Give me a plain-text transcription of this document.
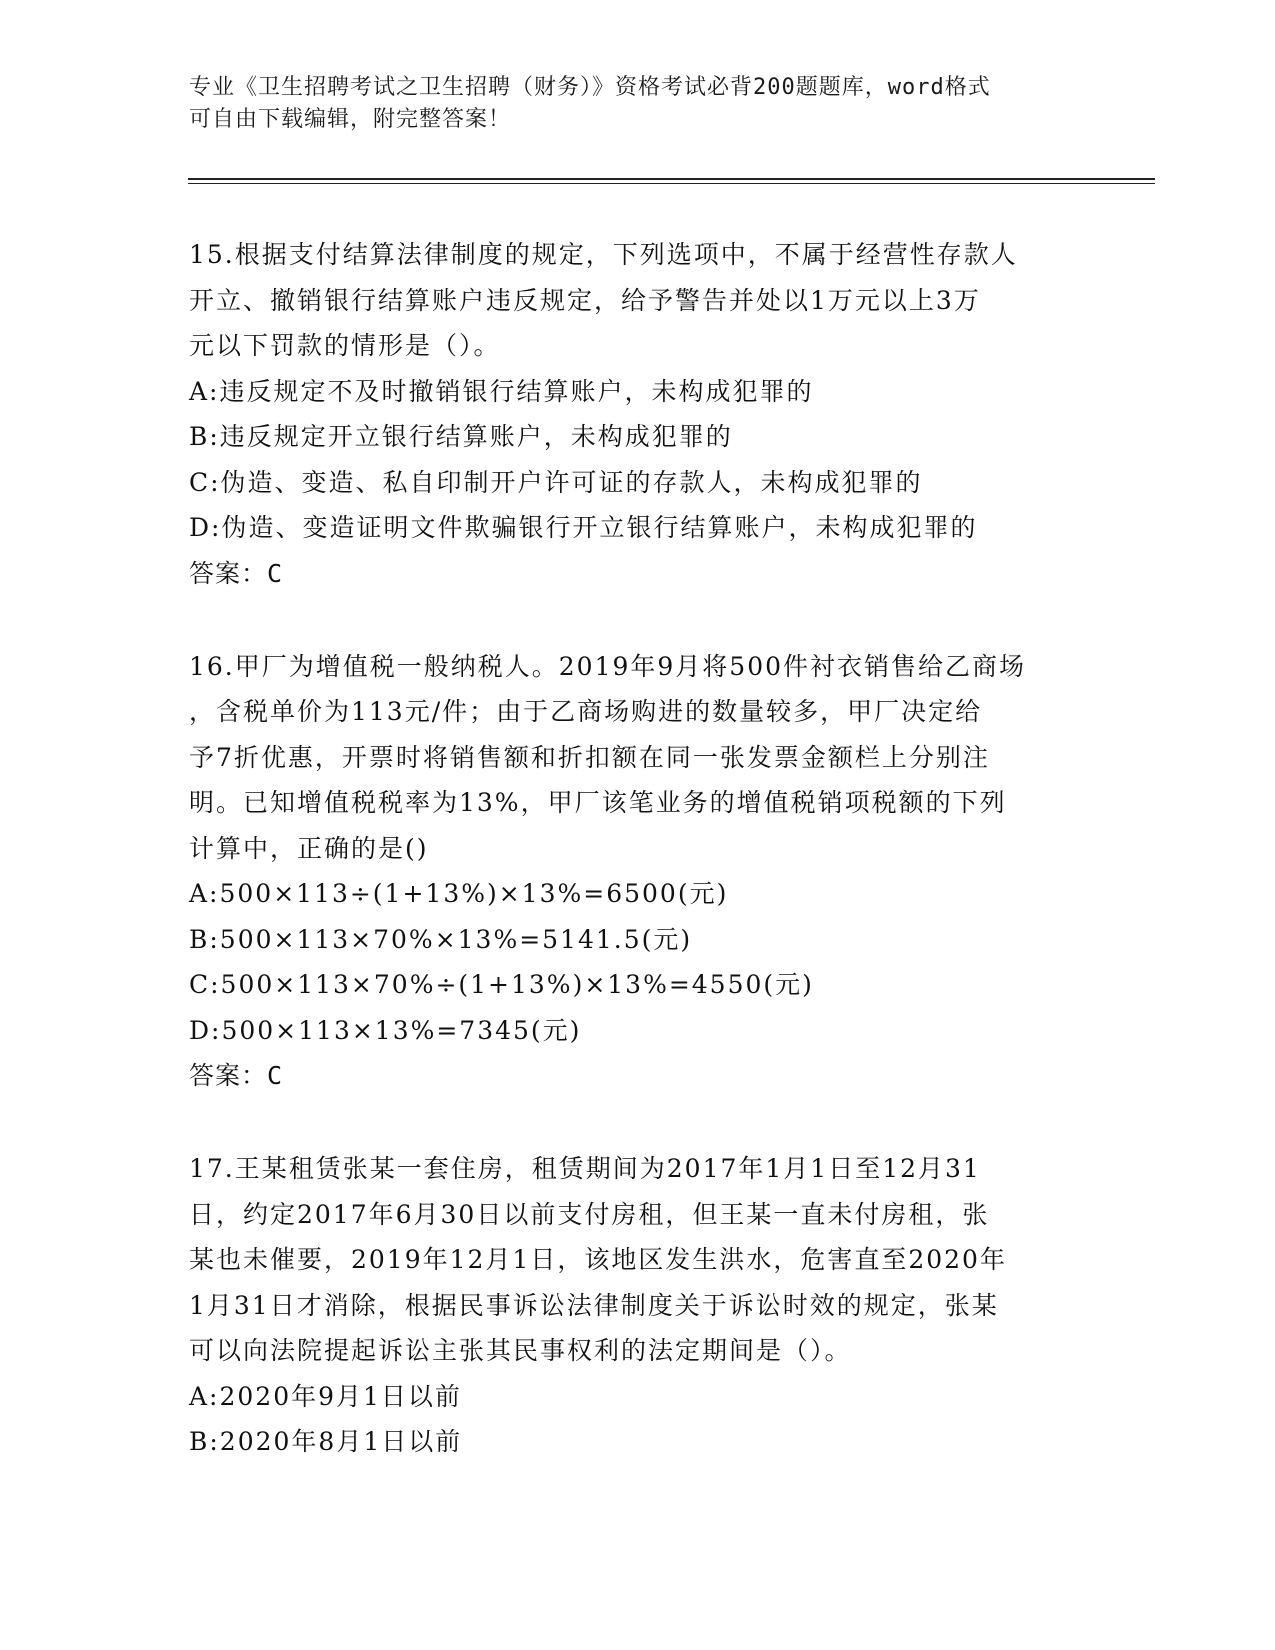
专业《卫生招聘考试之卫生招聘（财务）》资格考试必背200题题库，word格式
可自由下载编辑，附完整答案！

15.根据支付结算法律制度的规定，下列选项中，不属于经营性存款人

开立、撤销银行结算账户违反规定，给予警告并处以1万元以上3万

元以下罚款的情形是（）。

A:违反规定不及时撤销银行结算账户，未构成犯罪的

B:违反规定开立银行结算账户，未构成犯罪的

C:伪造、变造、私自印制开户许可证的存款人，未构成犯罪的

D:伪造、变造证明文件欺骗银行开立银行结算账户，未构成犯罪的

答案：C

16.甲厂为增值税一般纳税人。2019年9月将500件衬衣销售给乙商场

，含税单价为113元/件；由于乙商场购进的数量较多，甲厂决定给

予7折优惠，开票时将销售额和折扣额在同一张发票金额栏上分别注

明。已知增值税税率为13%，甲厂该笔业务的增值税销项税额的下列

计算中，正确的是()

A:500×113÷(1+13%)×13%=6500(元)

B:500×113×70%×13%=5141.5(元)

C:500×113×70%÷(1+13%)×13%=4550(元)

D:500×113×13%=7345(元)

答案：C

17.王某租赁张某一套住房，租赁期间为2017年1月1日至12月31

日，约定2017年6月30日以前支付房租，但王某一直未付房租，张

某也未催要，2019年12月1日，该地区发生洪水，危害直至2020年

1月31日才消除，根据民事诉讼法律制度关于诉讼时效的规定，张某

可以向法院提起诉讼主张其民事权利的法定期间是（）。

A:2020年9月1日以前

B:2020年8月1日以前
